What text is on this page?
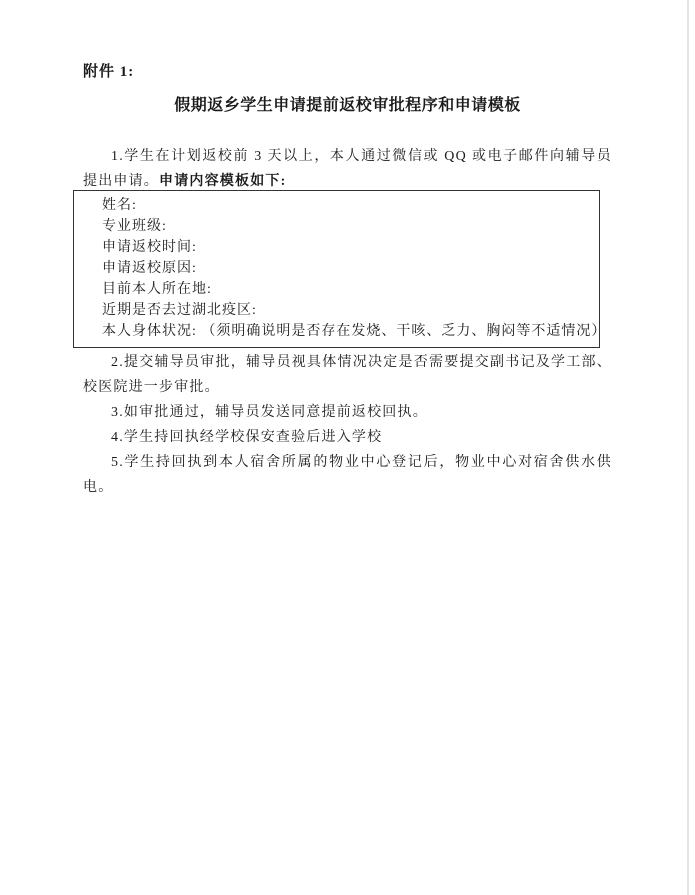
附件 1:
假期返乡学生申请提前返校审批程序和申请模板

1.学生在计划返校前 3 天以上，本人通过微信或 QQ 或电子邮件向辅导员提出申请。申请内容模板如下:

姓名:
专业班级:
申请返校时间:
申请返校原因:
目前本人所在地:
近期是否去过湖北疫区:
本人身体状况: （须明确说明是否存在发烧、干咳、乏力、胸闷等不适情况）

2.提交辅导员审批，辅导员视具体情况决定是否需要提交副书记及学工部、校医院进一步审批。

3.如审批通过，辅导员发送同意提前返校回执。

4.学生持回执经学校保安查验后进入学校

5.学生持回执到本人宿舍所属的物业中心登记后，物业中心对宿舍供水供电。
